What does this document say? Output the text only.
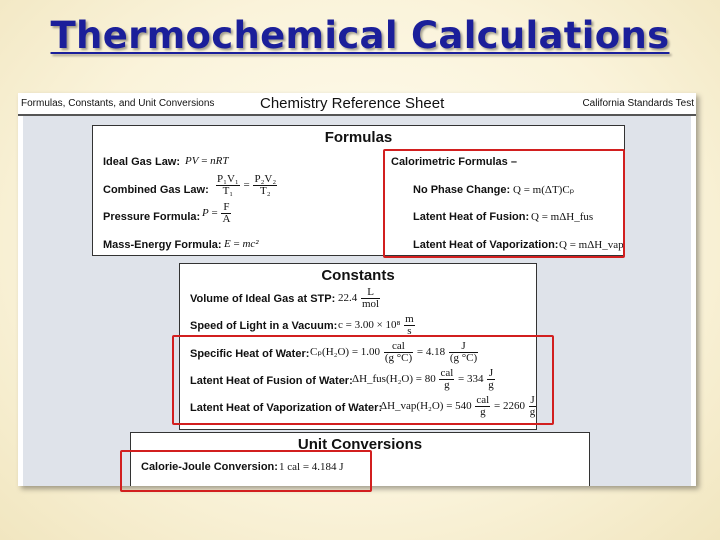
Thermochemical Calculations
Formulas, Constants, and Unit Conversions	Chemistry Reference Sheet	California Standards Test
Formulas
Ideal Gas Law: PV = nRT
Combined Gas Law: $\frac{\text{P₁V₁}}{\text{T₁}} = \frac{\text{P₂V₂}}{\text{T₂}}$
Pressure Formula: $P = \frac{F}{A}$
Mass-Energy Formula: E = mc²
Calorimetric Formulas –
No Phase Change: Q = m(ΔT)Cₚ
Latent Heat of Fusion: Q = mΔH_fus
Latent Heat of Vaporization: Q = mΔH_vap
Constants
Volume of Ideal Gas at STP: $22.4 \frac{L}{\text{mol}}$
Speed of Light in a Vacuum: $c = 3.00 \times 10^8 \frac{m}{s}$
Specific Heat of Water: $C_p(H_2O) = 1.00 \frac{\text{cal}}{(g ^\circ C)} = 4.18 \frac{J}{(g ^\circ C)}$
Latent Heat of Fusion of Water: ΔH_fus(H₂O) = $80 \frac{\text{cal}}{g} = 334 \frac{J}{g}$
Latent Heat of Vaporization of Water:
ΔH_vap(H₂O) = $540 \frac{\text{cal}}{g} = 2260 \frac{J}{g}$
Unit Conversions
Calorie-Joule Conversion: 1 cal = 4.184 J
